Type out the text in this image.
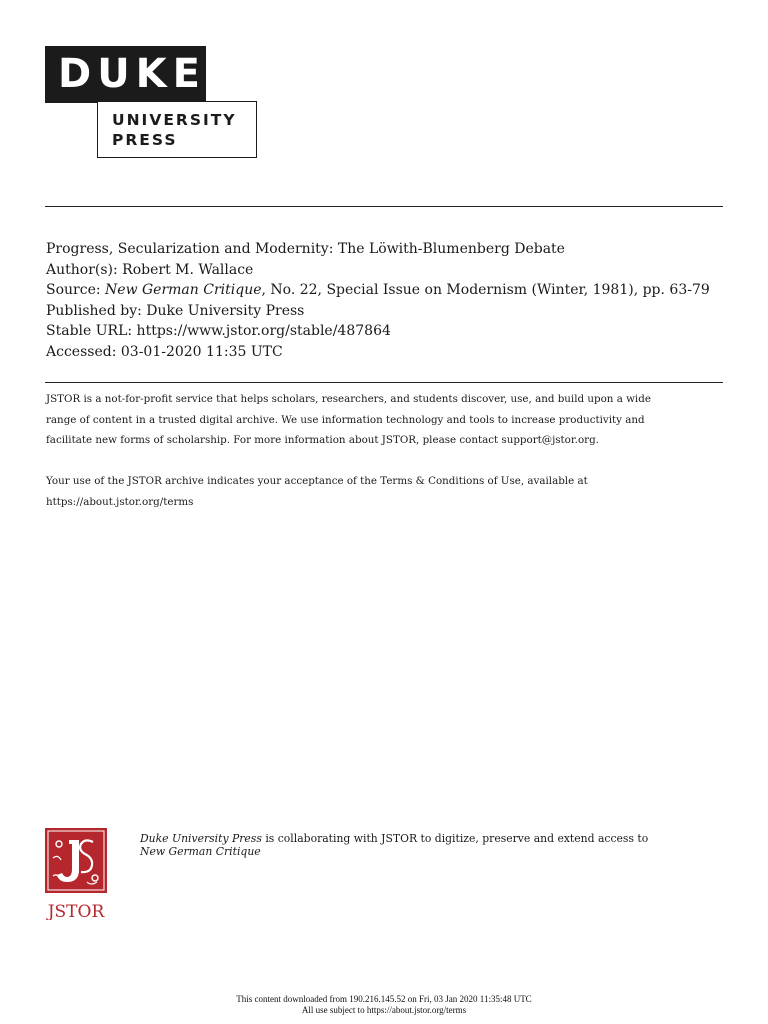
DUKE
UNIVERSITY
PRESS
Progress, Secularization and Modernity: The Löwith-Blumenberg Debate
Author(s): Robert M. Wallace
Source: New German Critique, No. 22, Special Issue on Modernism (Winter, 1981), pp. 63-79
Published by: Duke University Press
Stable URL: https://www.jstor.org/stable/487864
Accessed: 03-01-2020 11:35 UTC

JSTOR is a not-for-profit service that helps scholars, researchers, and students discover, use, and build upon a wide
range of content in a trusted digital archive. We use information technology and tools to increase productivity and
facilitate new forms of scholarship. For more information about JSTOR, please contact support@jstor.org.

Your use of the JSTOR archive indicates your acceptance of the Terms & Conditions of Use, available at
https://about.jstor.org/terms

JSTOR
Duke University Press is collaborating with JSTOR to digitize, preserve and extend access to
New German Critique
This content downloaded from 190.216.145.52 on Fri, 03 Jan 2020 11:35:48 UTC
All use subject to https://about.jstor.org/terms
